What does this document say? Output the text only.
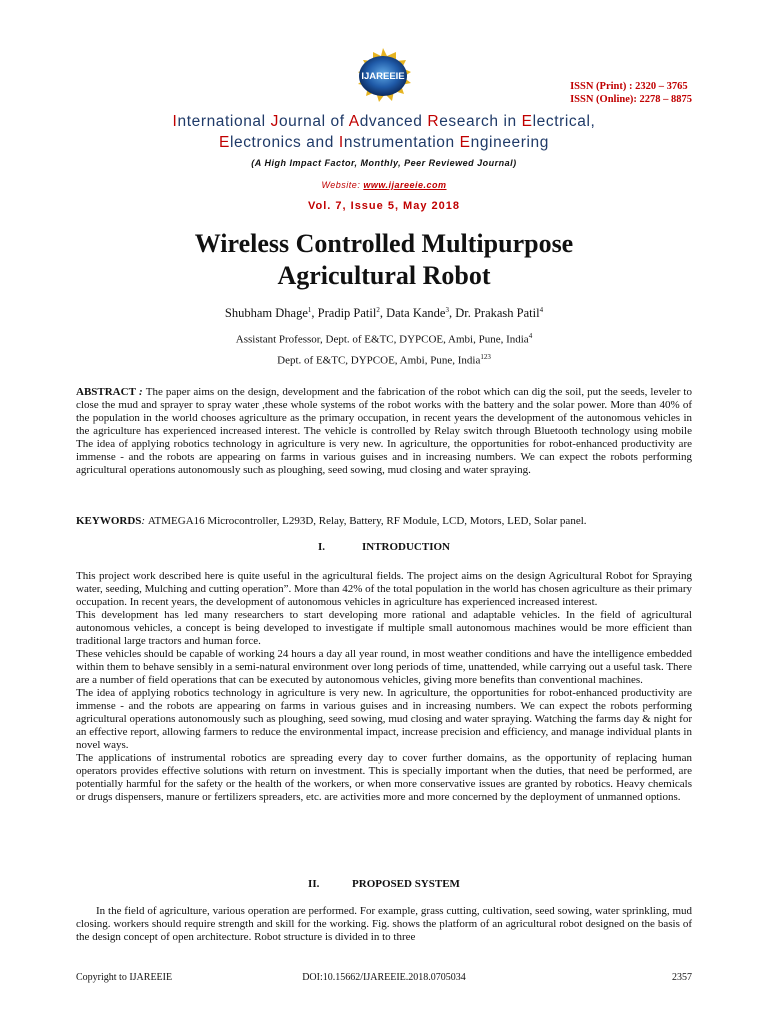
IJAREEIE
ISSN (Print) : 2320 – 3765
ISSN (Online): 2278 – 8875
International Journal of Advanced Research in Electrical,
Electronics and Instrumentation Engineering
(A High Impact Factor, Monthly, Peer Reviewed Journal)
Website: www.ijareeie.com
Vol. 7, Issue 5, May 2018
Wireless Controlled Multipurpose
Agricultural Robot
Shubham Dhage$^1$, Pradip Patil$^2$, Data Kande$^3$, Dr. Prakash Patil$^4$
Assistant Professor, Dept. of E&TC, DYPCOE, Ambi, Pune, India$^4$
Dept. of E&TC, DYPCOE, Ambi, Pune, India$^{123}$

ABSTRACT : The paper aims on the design, development and the fabrication of the robot which can dig the soil, put the seeds, leveler to close the mud and sprayer to spray water ,these whole systems of the robot works with the battery and the solar power. More than 40% of the population in the world chooses agriculture as the primary occupation, in recent years the development of the autonomous vehicles in the agriculture has experienced increased interest. The vehicle is controlled by Relay switch through Bluetooth technology using mobile The idea of applying robotics technology in agriculture is very new. In agriculture, the opportunities for robot-enhanced productivity are immense - and the robots are appearing on farms in various guises and in increasing numbers. We can expect the robots performing agricultural operations autonomously such as ploughing, seed sowing, mud closing and water spraying.

KEYWORDS: ATMEGA16 Microcontroller, L293D, Relay, Battery, RF Module, LCD, Motors, LED, Solar panel.

I.	INTRODUCTION

This project work described here is quite useful in the agricultural fields. The project aims on the design Agricultural Robot for Spraying water, seeding, Mulching and cutting operation”. More than 42% of the total population in the world has chosen agriculture as their primary occupation. In recent years, the development of autonomous vehicles in agriculture has experienced increased interest.

This development has led many researchers to start developing more rational and adaptable vehicles. In the field of agricultural autonomous vehicles, a concept is being developed to investigate if multiple small autonomous machines would be more efficient than traditional large tractors and human force.

These vehicles should be capable of working 24 hours a day all year round, in most weather conditions and have the intelligence embedded within them to behave sensibly in a semi-natural environment over long periods of time, unattended, while carrying out a useful task. There are a number of field operations that can be executed by autonomous vehicles, giving more benefits than conventional machines.

The idea of applying robotics technology in agriculture is very new. In agriculture, the opportunities for robot-enhanced productivity are immense - and the robots are appearing on farms in various guises and in increasing numbers. We can expect the robots performing agricultural operations autonomously such as ploughing, seed sowing, mud closing and water spraying. Watching the farms day & night for an effective report, allowing farmers to reduce the environmental impact, increase precision and efficiency, and manage individual plants in novel ways.

The applications of instrumental robotics are spreading every day to cover further domains, as the opportunity of replacing human operators provides effective solutions with return on investment. This is specially important when the duties, that need be performed, are potentially harmful for the safety or the health of the workers, or when more conservative issues are granted by robotics. Heavy chemicals or drugs dispensers, manure or fertilizers spreaders, etc. are activities more and more concerned by the deployment of unmanned options.

II.	PROPOSED SYSTEM

In the field of agriculture, various operation are performed. For example, grass cutting, cultivation, seed sowing, water sprinkling, mud closing. workers should require strength and skill for the working. Fig. shows the platform of an agricultural robot designed on the basis of the design concept of open architecture. Robot structure is divided in to three

Copyright to IJAREEIE	DOI:10.15662/IJAREEIE.2018.0705034	2357
